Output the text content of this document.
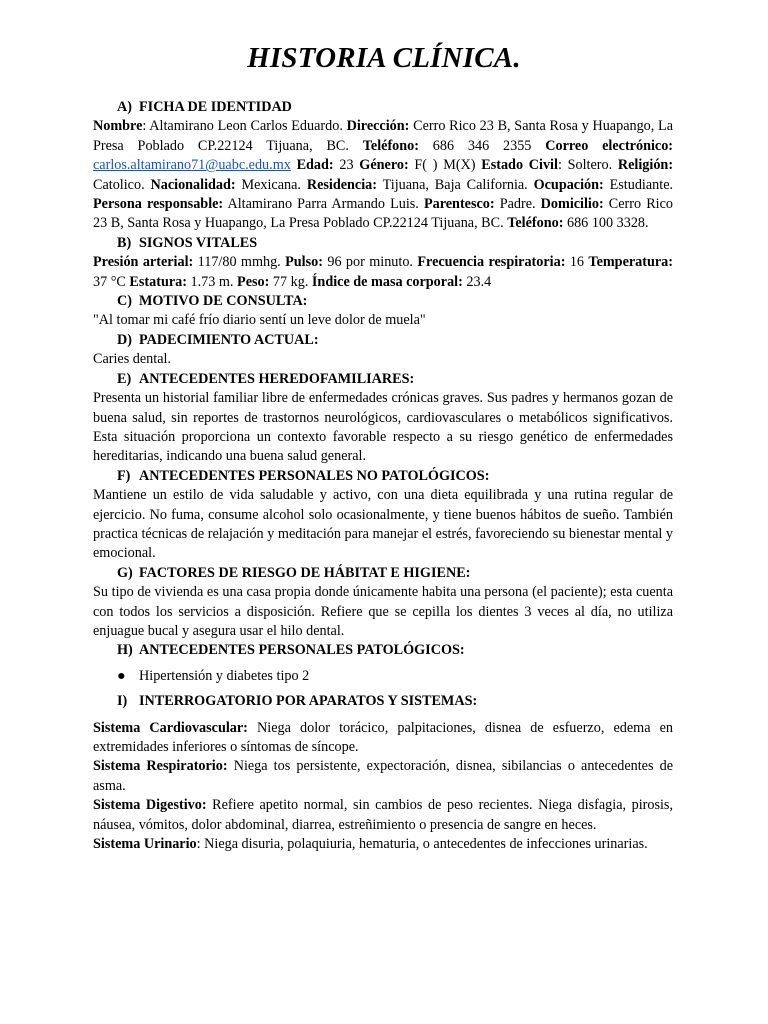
HISTORIA CLÍNICA.
A) FICHA DE IDENTIDAD

Nombre: Altamirano Leon Carlos Eduardo. Dirección: Cerro Rico 23 B, Santa Rosa y Huapango, La Presa Poblado CP.22124 Tijuana, BC. Teléfono: 686 346 2355 Correo electrónico: carlos.altamirano71@uabc.edu.mx Edad: 23 Género: F( ) M(X) Estado Civil: Soltero. Religión: Catolico. Nacionalidad: Mexicana. Residencia: Tijuana, Baja California. Ocupación: Estudiante. Persona responsable: Altamirano Parra Armando Luis. Parentesco: Padre. Domicilio: Cerro Rico 23 B, Santa Rosa y Huapango, La Presa Poblado CP.22124 Tijuana, BC. Teléfono: 686 100 3328.

B) SIGNOS VITALES

Presión arterial: 117/80 mmhg. Pulso: 96 por minuto. Frecuencia respiratoria: 16 Temperatura: 37 °C Estatura: 1.73 m. Peso: 77 kg. Índice de masa corporal: 23.4

C) MOTIVO DE CONSULTA:

"Al tomar mi café frío diario sentí un leve dolor de muela"

D) PADECIMIENTO ACTUAL:

Caries dental.

E) ANTECEDENTES HEREDOFAMILIARES:

Presenta un historial familiar libre de enfermedades crónicas graves. Sus padres y hermanos gozan de buena salud, sin reportes de trastornos neurológicos, cardiovasculares o metabólicos significativos. Esta situación proporciona un contexto favorable respecto a su riesgo genético de enfermedades hereditarias, indicando una buena salud general.

F) ANTECEDENTES PERSONALES NO PATOLÓGICOS:

Mantiene un estilo de vida saludable y activo, con una dieta equilibrada y una rutina regular de ejercicio. No fuma, consume alcohol solo ocasionalmente, y tiene buenos hábitos de sueño. También practica técnicas de relajación y meditación para manejar el estrés, favoreciendo su bienestar mental y emocional.

G) FACTORES DE RIESGO DE HÁBITAT E HIGIENE:

Su tipo de vivienda es una casa propia donde únicamente habita una persona (el paciente); esta cuenta con todos los servicios a disposición. Refiere que se cepilla los dientes 3 veces al día, no utiliza enjuague bucal y asegura usar el hilo dental.

H) ANTECEDENTES PERSONALES PATOLÓGICOS:
● Hipertensión y diabetes tipo 2
I) INTERROGATORIO POR APARATOS Y SISTEMAS:

Sistema Cardiovascular: Niega dolor torácico, palpitaciones, disnea de esfuerzo, edema en extremidades inferiores o síntomas de síncope.

Sistema Respiratorio: Niega tos persistente, expectoración, disnea, sibilancias o antecedentes de asma.

Sistema Digestivo: Refiere apetito normal, sin cambios de peso recientes. Niega disfagia, pirosis, náusea, vómitos, dolor abdominal, diarrea, estreñimiento o presencia de sangre en heces.

Sistema Urinario: Niega disuria, polaquiuria, hematuria, o antecedentes de infecciones urinarias.
